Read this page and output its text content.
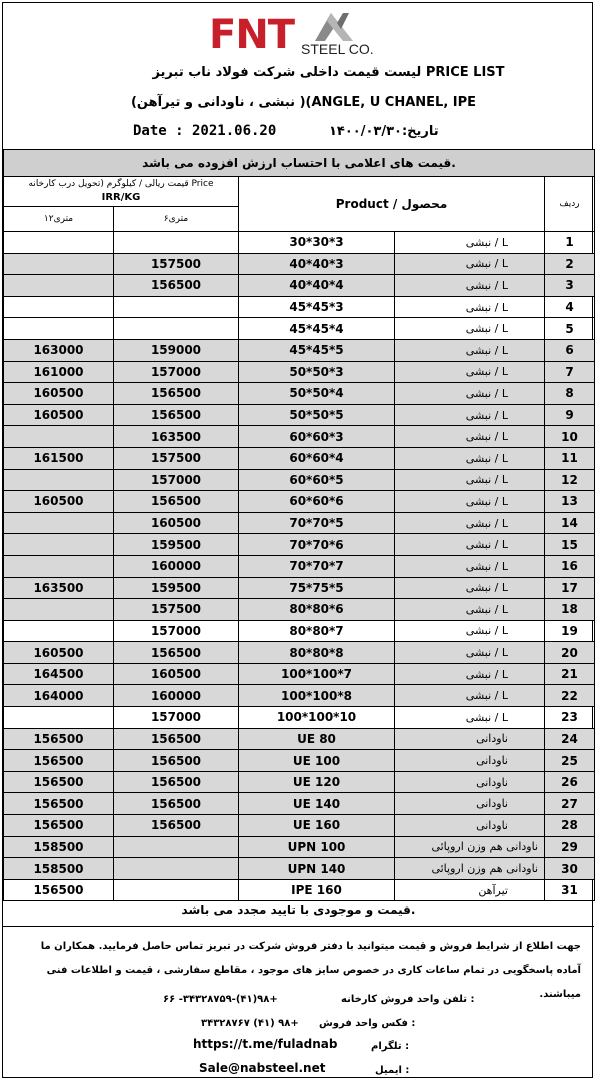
FNT STEEL CO.
لیست قیمت داخلی شرکت فولاد ناب تبریز PRICE LIST
(نبشی ، ناودانی و تیرآهن )(ANGLE, U CHANEL, IPE
Date : 2021.06.20	تاریخ:۱۴۰۰/۰۳/۳۰
قیمت های اعلامی با احتساب ارزش افزوده می باشد.				

قیمت ریالی / کیلوگرم (تحویل درب کارخانه Price
IRR/KG		Product / محصول		ردیف
۱۲متری	۶متری			
		30*30*3	نبشی / L	1
	157500	40*40*3	نبشی / L	2
	156500	40*40*4	نبشی / L	3
		45*45*3	نبشی / L	4
		45*45*4	نبشی / L	5
163000	159000	45*45*5	نبشی / L	6
161000	157000	50*50*3	نبشی / L	7
160500	156500	50*50*4	نبشی / L	8
160500	156500	50*50*5	نبشی / L	9
	163500	60*60*3	نبشی / L	10
161500	157500	60*60*4	نبشی / L	11
	157000	60*60*5	نبشی / L	12
160500	156500	60*60*6	نبشی / L	13
	160500	70*70*5	نبشی / L	14
	159500	70*70*6	نبشی / L	15
	160000	70*70*7	نبشی / L	16
163500	159500	75*75*5	نبشی / L	17
	157500	80*80*6	نبشی / L	18
	157000	80*80*7	نبشی / L	19
160500	156500	80*80*8	نبشی / L	20
164500	160500	100*100*7	نبشی / L	21
164000	160000	100*100*8	نبشی / L	22
	157000	100*100*10	نبشی / L	23
156500	156500	UE 80	ناودانی	24
156500	156500	UE 100	ناودانی	25
156500	156500	UE 120	ناودانی	26
156500	156500	UE 140	ناودانی	27
156500	156500	UE 160	ناودانی	28
158500		UPN 100	ناودانی هم وزن اروپائی	29
158500		UPN 140	ناودانی هم وزن اروپائی	30
156500		IPE 160	تیرآهن	31
قیمت و موجودی با تایید مجدد می باشد.
جهت اطلاع از شرایط فروش و قیمت میتوانید با دفتر فروش شرکت در تبریز تماس حاصل فرمایید. همکاران ما آماده پاسخگویی در تمام ساعات کاری در خصوص سایز های موجود ، مقاطع سفارشی ، قیمت و اطلاعات فنی میباشند.
تلفن واحد فروش کارخانه :
۶۶ -۳۴۳۲۸۷۵۹-(۴۱)۹۸+
فکس واحد فروش :
۳۴۳۲۸۷۶۷ (۴۱) ۹۸+
تلگرام :
https://t.me/fuladnab
ایمیل :
Sale@nabsteel.net
